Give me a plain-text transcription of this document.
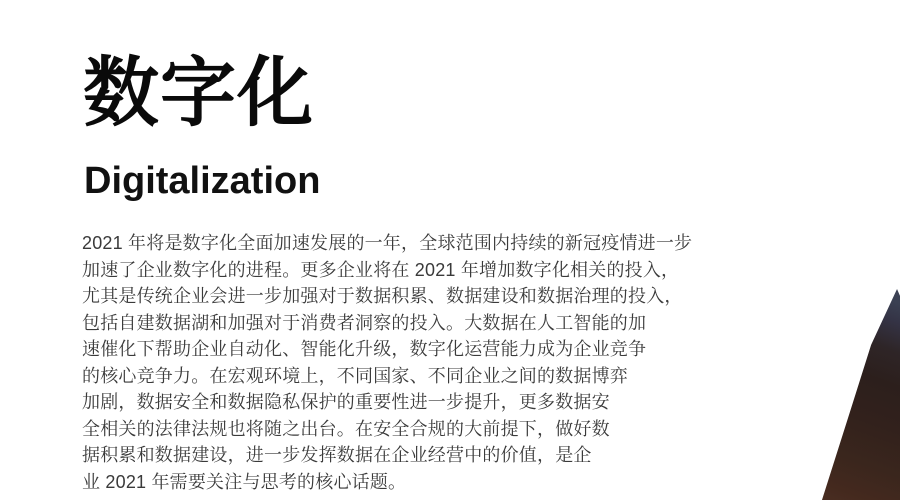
数字化
Digitalization
2021 年将是数字化全面加速发展的一年，全球范围内持续的新冠疫情进一步
加速了企业数字化的进程。更多企业将在 2021 年增加数字化相关的投入，
尤其是传统企业会进一步加强对于数据积累、数据建设和数据治理的投入，
包括自建数据湖和加强对于消费者洞察的投入。大数据在人工智能的加
速催化下帮助企业自动化、智能化升级，数字化运营能力成为企业竞争
的核心竞争力。在宏观环境上，不同国家、不同企业之间的数据博弈
加剧，数据安全和数据隐私保护的重要性进一步提升，更多数据安
全相关的法律法规也将随之出台。在安全合规的大前提下，做好数
据积累和数据建设，进一步发挥数据在企业经营中的价值，是企
业 2021 年需要关注与思考的核心话题。
